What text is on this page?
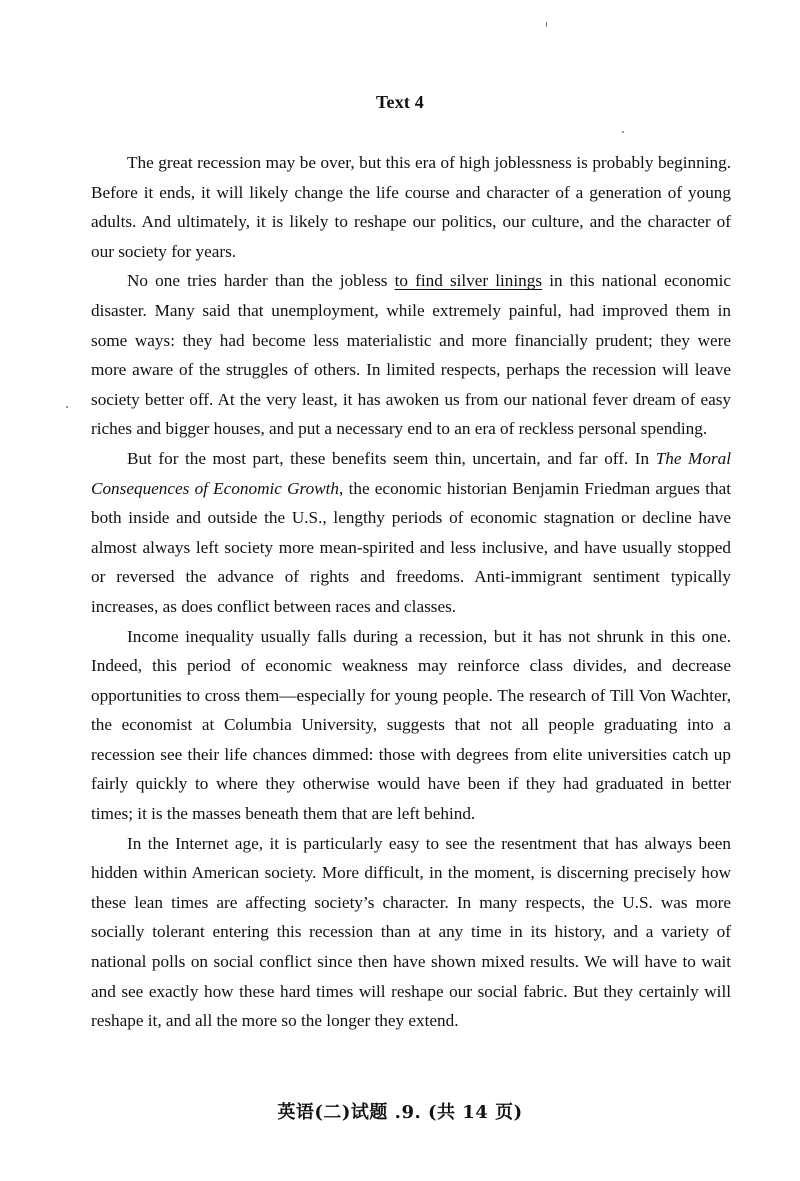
Text 4

The great recession may be over, but this era of high joblessness is probably beginning. Before it ends, it will likely change the life course and character of a generation of young adults. And ultimately, it is likely to reshape our politics, our culture, and the character of our society for years.

No one tries harder than the jobless to find silver linings in this national economic disaster. Many said that unemployment, while extremely painful, had improved them in some ways: they had become less materialistic and more financially prudent; they were more aware of the struggles of others. In limited respects, perhaps the recession will leave society better off. At the very least, it has awoken us from our national fever dream of easy riches and bigger houses, and put a necessary end to an era of reckless personal spending.

But for the most part, these benefits seem thin, uncertain, and far off. In The Moral Consequences of Economic Growth, the economic historian Benjamin Friedman argues that both inside and outside the U.S., lengthy periods of economic stagnation or decline have almost always left society more mean-spirited and less inclusive, and have usually stopped or reversed the advance of rights and freedoms. Anti-immigrant sentiment typically increases, as does conflict between races and classes.

Income inequality usually falls during a recession, but it has not shrunk in this one. Indeed, this period of economic weakness may reinforce class divides, and decrease opportunities to cross them—especially for young people. The research of Till Von Wachter, the economist at Columbia University, suggests that not all people graduating into a recession see their life chances dimmed: those with degrees from elite universities catch up fairly quickly to where they otherwise would have been if they had graduated in better times; it is the masses beneath them that are left behind.

In the Internet age, it is particularly easy to see the resentment that has always been hidden within American society. More difficult, in the moment, is discerning precisely how these lean times are affecting society’s character. In many respects, the U.S. was more socially tolerant entering this recession than at any time in its history, and a variety of national polls on social conflict since then have shown mixed results. We will have to wait and see exactly how these hard times will reshape our social fabric. But they certainly will reshape it, and all the more so the longer they extend.

英语(二)试题 .9. (共 14 页)
